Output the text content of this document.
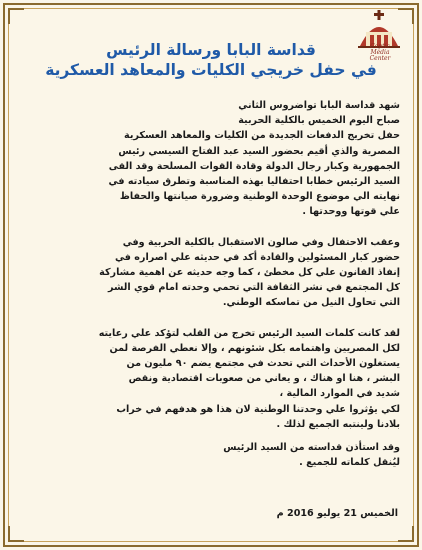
Coptic
Media
Center
قداسة البابا ورسالة الرئيس
في حفل خريجي الكليات والمعاهد العسكرية
شهد قداسة البابا تواضروس الثاني
صباح اليوم الخميس بالكلية الحربية
حفل تخريج الدفعات الجديدة من الكليات والمعاهد العسكرية
المصرية والذي أقيم بحضور السيد عبد الفتاح السيسي رئيس
الجمهورية وكبار رجال الدولة وقادة القوات المسلحة وقد القى
السيد الرئيس خطابا احتفاليا بهذه المناسبة وتطرق سيادته في
نهايته الي موضوع الوحدة الوطنية وضرورة صيانتها والحفاظ
علي قوتها ووحدتها .
وعقب الاحتفال وفي صالون الاستقبال بالكلية الحربية وفي
حضور كبار المسئولين والقادة أكد في حديثه علي اصراره في
إنفاذ القانون علي كل مخطئ ، كما وجه حديثه عن اهمية مشاركة
كل المجتمع في نشر الثقافة التي تحمي وحدته امام قوي الشر
التي تحاول النيل من تماسكه الوطني.
لقد كانت كلمات السيد الرئيس تخرج من القلب لتؤكد علي رعايته
لكل المصريين واهتمامه بكل شئونهم ، وإلا نعطي الفرصة لمن
يستغلون الأحداث التي تحدث في مجتمع يضم ٩٠ مليون من
البشر ، هنا او هناك ، و يعاني من صعوبات اقتصادية ونقص
شديد في الموارد المالية ،
لكي يؤثروا علي وحدتنا الوطنية لان هذا هو هدفهم في خراب
بلادنا ولينتبه الجميع لذلك .
وقد استأذن قداسته من السيد الرئيس
ليُنقل كلماته للجميع .
الخميس 21 يوليو 2016 م
